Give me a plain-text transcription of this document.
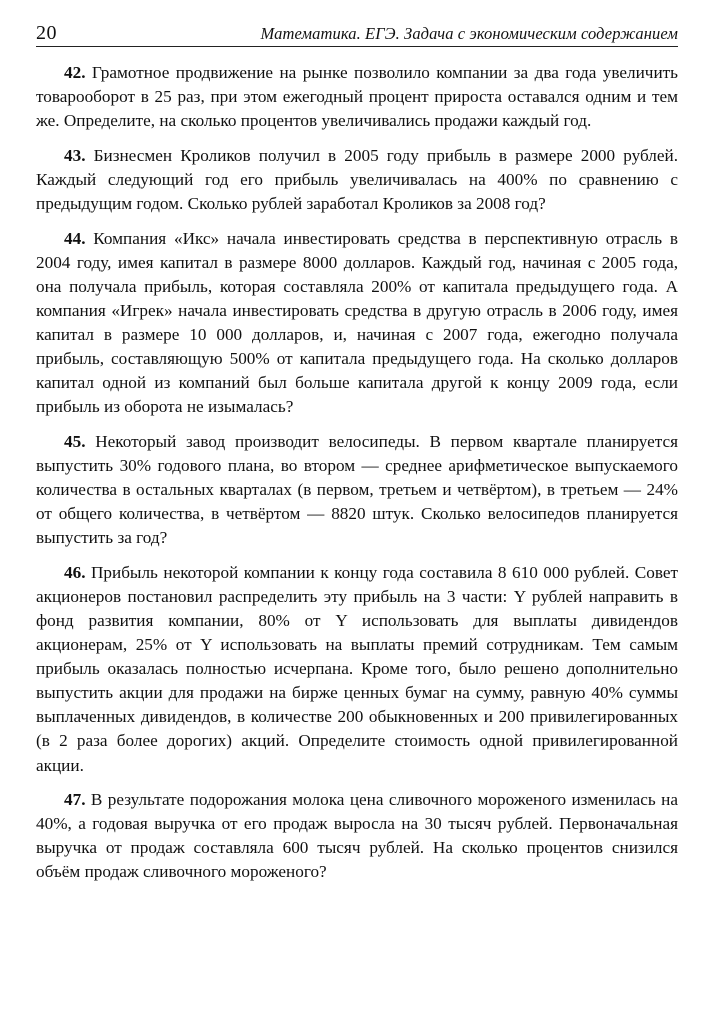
20	Математика. ЕГЭ. Задача с экономическим содержанием

42. Грамотное продвижение на рынке позволило компании за два года увеличить товарооборот в 25 раз, при этом ежегодный процент прироста оставался одним и тем же. Определите, на сколько процентов увеличивались продажи каждый год.

43. Бизнесмен Кроликов получил в 2005 году прибыль в размере 2000 рублей. Каждый следующий год его прибыль увеличивалась на 400% по сравнению с предыдущим годом. Сколько рублей заработал Кроликов за 2008 год?

44. Компания «Икс» начала инвестировать средства в перспективную отрасль в 2004 году, имея капитал в размере 8000 долларов. Каждый год, начиная с 2005 года, она получала прибыль, которая составляла 200% от капитала предыдущего года. А компания «Игрек» начала инвестировать средства в другую отрасль в 2006 году, имея капитал в размере 10 000 долларов, и, начиная с 2007 года, ежегодно получала прибыль, составляющую 500% от капитала предыдущего года. На сколько долларов капитал одной из компаний был больше капитала другой к концу 2009 года, если прибыль из оборота не изымалась?

45. Некоторый завод производит велосипеды. В первом квартале планируется выпустить 30% годового плана, во втором — среднее арифметическое выпускаемого количества в остальных кварталах (в первом, третьем и четвёртом), в третьем — 24% от общего количества, в четвёртом — 8820 штук. Сколько велосипедов планируется выпустить за год?

46. Прибыль некоторой компании к концу года составила 8 610 000 рублей. Совет акционеров постановил распределить эту прибыль на 3 части: Y рублей направить в фонд развития компании, 80% от Y использовать для выплаты дивидендов акционерам, 25% от Y использовать на выплаты премий сотрудникам. Тем самым прибыль оказалась полностью исчерпана. Кроме того, было решено дополнительно выпустить акции для продажи на бирже ценных бумаг на сумму, равную 40% суммы выплаченных дивидендов, в количестве 200 обыкновенных и 200 привилегированных (в 2 раза более дорогих) акций. Определите стоимость одной привилегированной акции.

47. В результате подорожания молока цена сливочного мороженого изменилась на 40%, а годовая выручка от его продаж выросла на 30 тысяч рублей. Первоначальная выручка от продаж составляла 600 тысяч рублей. На сколько процентов снизился объём продаж сливочного мороженого?
